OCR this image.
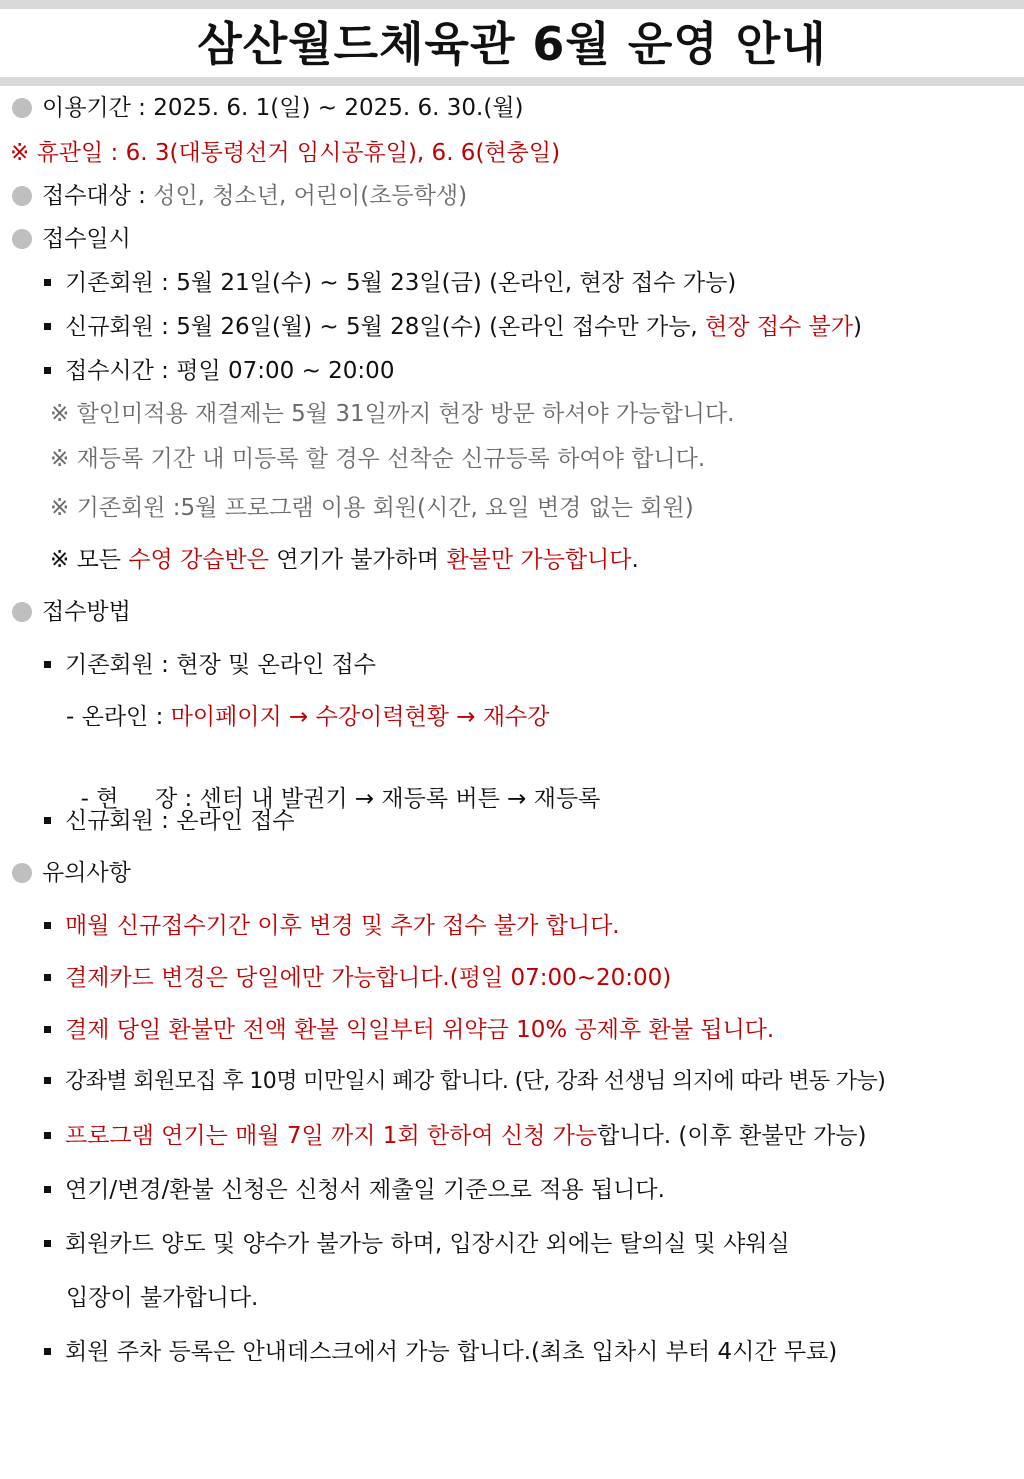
삼산월드체육관 6월 운영 안내
이용기간 : 2025. 6. 1(일) ~ 2025. 6. 30.(월)
※ 휴관일 : 6. 3(대통령선거 임시공휴일), 6. 6(현충일)
접수대상 : 성인, 청소년, 어린이(초등학생)
접수일시
기존회원 : 5월 21일(수) ~ 5월 23일(금) (온라인, 현장 접수 가능)
신규회원 : 5월 26일(월) ~ 5월 28일(수) (온라인 접수만 가능, 현장 접수 불가)
접수시간 : 평일 07:00 ~ 20:00
※ 할인미적용 재결제는 5월 31일까지 현장 방문 하셔야 가능합니다.
※ 재등록 기간 내 미등록 할 경우 선착순 신규등록 하여야 합니다.
※ 기존회원 :5월 프로그램 이용 회원(시간, 요일 변경 없는 회원)
※ 모든 수영 강습반은 연기가 불가하며 환불만 가능합니다.
접수방법
기존회원 : 현장 및 온라인 접수
- 온라인 : 마이페이지 → 수강이력현황 → 재수강

- 현     장 : 센터 내 발권기 → 재등록 버튼 → 재등록

신규회원 : 온라인 접수
유의사항
매월 신규접수기간 이후 변경 및 추가 접수 불가 합니다.
결제카드 변경은 당일에만 가능합니다.(평일 07:00~20:00)
결제 당일 환불만 전액 환불 익일부터 위약금 10% 공제후 환불 됩니다.
강좌별 회원모집 후 10명 미만일시 폐강 합니다. (단, 강좌 선생님 의지에 따라 변동 가능)
프로그램 연기는 매월 7일 까지 1회 한하여 신청 가능합니다. (이후 환불만 가능)
연기/변경/환불 신청은 신청서 제출일 기준으로 적용 됩니다.
회원카드 양도 및 양수가 불가능 하며, 입장시간 외에는 탈의실 및 샤워실
입장이 불가합니다.
회원 주차 등록은 안내데스크에서 가능 합니다.(최초 입차시 부터 4시간 무료)
